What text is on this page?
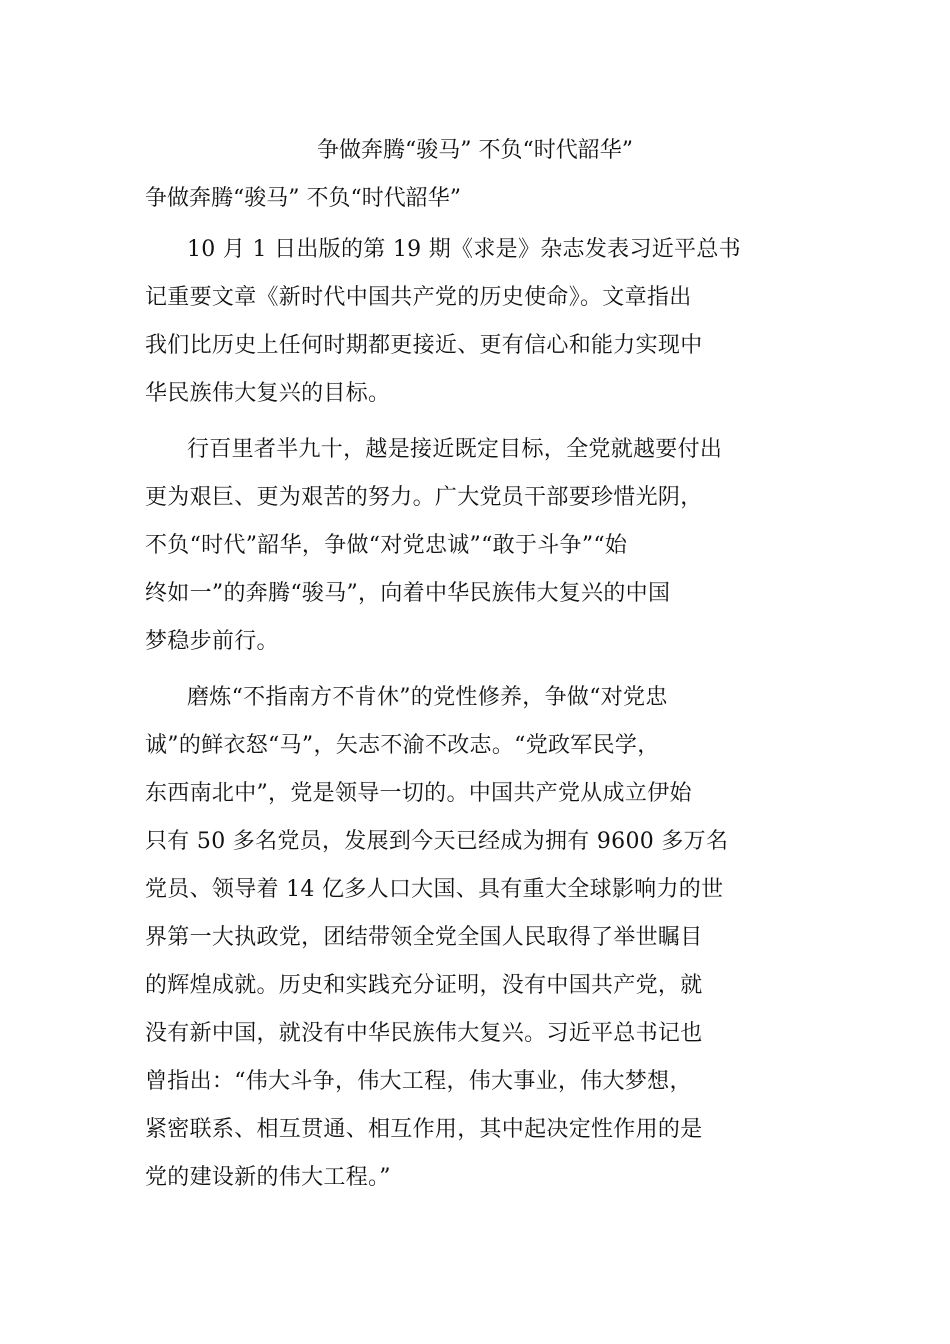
争做奔腾“骏马” 不负“时代韶华”
争做奔腾“骏马” 不负“时代韶华”

10 月 1 日出版的第 19 期《求是》杂志发表习近平总书
记重要文章《新时代中国共产党的历史使命》。文章指出
我们比历史上任何时期都更接近、更有信心和能力实现中
华民族伟大复兴的目标。

行百里者半九十，越是接近既定目标，全党就越要付出
更为艰巨、更为艰苦的努力。广大党员干部要珍惜光阴，
不负“时代”韶华，争做“对党忠诚”“敢于斗争”“始
终如一”的奔腾“骏马”，向着中华民族伟大复兴的中国
梦稳步前行。

磨炼“不指南方不肯休”的党性修养，争做“对党忠
诚”的鲜衣怒“马”，矢志不渝不改志。“党政军民学，
东西南北中”，党是领导一切的。中国共产党从成立伊始
只有 50 多名党员，发展到今天已经成为拥有 9600 多万名
党员、领导着 14 亿多人口大国、具有重大全球影响力的世
界第一大执政党，团结带领全党全国人民取得了举世瞩目
的辉煌成就。历史和实践充分证明，没有中国共产党，就
没有新中国，就没有中华民族伟大复兴。习近平总书记也
曾指出：“伟大斗争，伟大工程，伟大事业，伟大梦想，
紧密联系、相互贯通、相互作用，其中起决定性作用的是
党的建设新的伟大工程。”
